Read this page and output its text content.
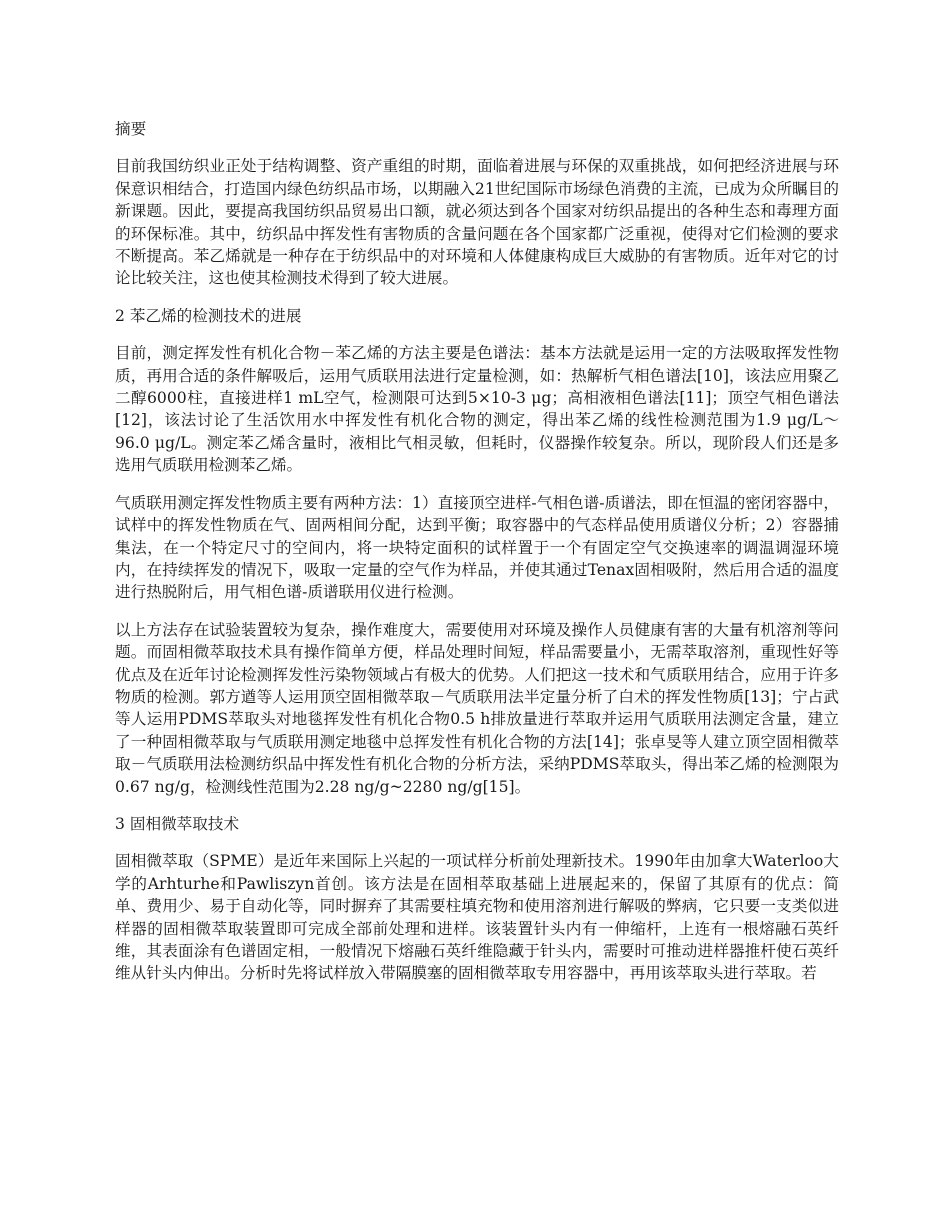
摘要

目前我国纺织业正处于结构调整、资产重组的时期，面临着进展与环保的双重挑战，如何把经济进展与环保意识相结合，打造国内绿色纺织品市场，以期融入21世纪国际市场绿色消费的主流，已成为众所瞩目的新课题。因此，要提高我国纺织品贸易出口额，就必须达到各个国家对纺织品提出的各种生态和毒理方面的环保标准。其中，纺织品中挥发性有害物质的含量问题在各个国家都广泛重视，使得对它们检测的要求不断提高。苯乙烯就是一种存在于纺织品中的对环境和人体健康构成巨大威胁的有害物质。近年对它的讨论比较关注，这也使其检测技术得到了较大进展。

2 苯乙烯的检测技术的进展

目前，测定挥发性有机化合物－苯乙烯的方法主要是色谱法：基本方法就是运用一定的方法吸取挥发性物质，再用合适的条件解吸后，运用气质联用法进行定量检测，如：热解析气相色谱法[10]，该法应用聚乙二醇6000柱，直接进样1 mL空气，检测限可达到5×10-3 μg；高相液相色谱法[11]；顶空气相色谱法[12]，该法讨论了生活饮用水中挥发性有机化合物的测定，得出苯乙烯的线性检测范围为1.9 μg/L～96.0 μg/L。测定苯乙烯含量时，液相比气相灵敏，但耗时，仪器操作较复杂。所以，现阶段人们还是多选用气质联用检测苯乙烯。

气质联用测定挥发性物质主要有两种方法：1）直接顶空进样-气相色谱-质谱法，即在恒温的密闭容器中，试样中的挥发性物质在气、固两相间分配，达到平衡；取容器中的气态样品使用质谱仪分析；2）容器捕集法，在一个特定尺寸的空间内，将一块特定面积的试样置于一个有固定空气交换速率的调温调湿环境内，在持续挥发的情况下，吸取一定量的空气作为样品，并使其通过Tenax固相吸附，然后用合适的温度进行热脱附后，用气相色谱-质谱联用仪进行检测。

以上方法存在试验装置较为复杂，操作难度大，需要使用对环境及操作人员健康有害的大量有机溶剂等问题。而固相微萃取技术具有操作简单方便，样品处理时间短，样品需要量小，无需萃取溶剂，重现性好等优点及在近年讨论检测挥发性污染物领域占有极大的优势。人们把这一技术和气质联用结合，应用于许多物质的检测。郭方遒等人运用顶空固相微萃取－气质联用法半定量分析了白术的挥发性物质[13]；宁占武等人运用PDMS萃取头对地毯挥发性有机化合物0.5 h排放量进行萃取并运用气质联用法测定含量，建立了一种固相微萃取与气质联用测定地毯中总挥发性有机化合物的方法[14]；张卓旻等人建立顶空固相微萃取－气质联用法检测纺织品中挥发性有机化合物的分析方法，采纳PDMS萃取头，得出苯乙烯的检测限为0.67 ng/g，检测线性范围为2.28 ng/g~2280 ng/g[15]。

3 固相微萃取技术

固相微萃取（SPME）是近年来国际上兴起的一项试样分析前处理新技术。1990年由加拿大Waterloo大学的Arhturhe和Pawliszyn首创。该方法是在固相萃取基础上进展起来的，保留了其原有的优点：简单、费用少、易于自动化等，同时摒弃了其需要柱填充物和使用溶剂进行解吸的弊病，它只要一支类似进样器的固相微萃取装置即可完成全部前处理和进样。该装置针头内有一伸缩杆，上连有一根熔融石英纤维，其表面涂有色谱固定相，一般情况下熔融石英纤维隐藏于针头内，需要时可推动进样器推杆使石英纤维从针头内伸出。分析时先将试样放入带隔膜塞的固相微萃取专用容器中，再用该萃取头进行萃取。若
